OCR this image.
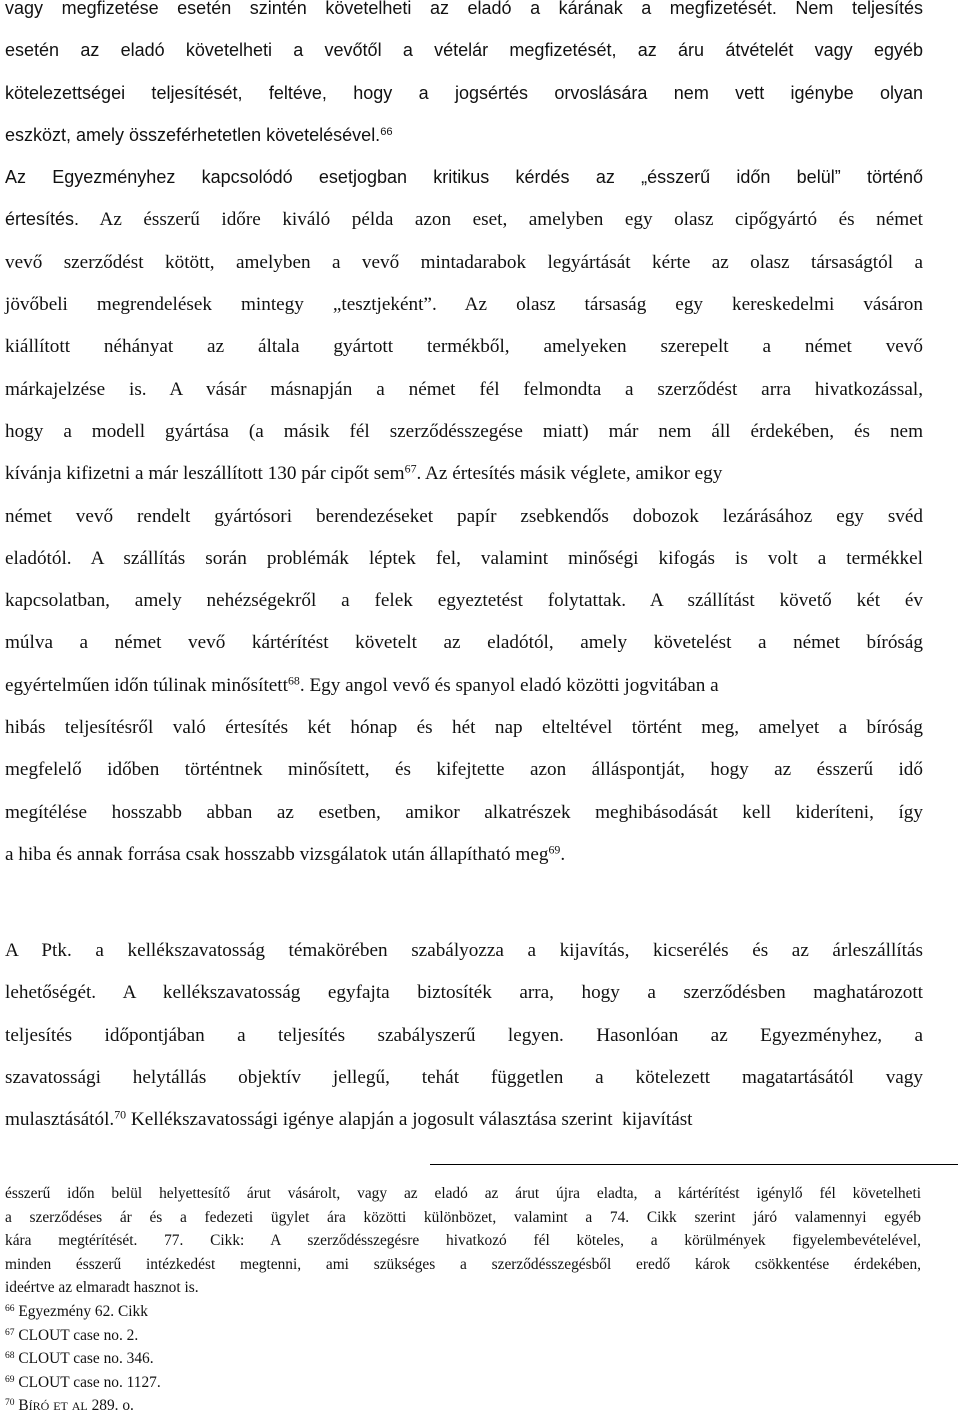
vagy megfizetése esetén szintén követelheti az eladó a kárának a megfizetését. Nem teljesítés
esetén az eladó követelheti a vevőtől a vételár megfizetését, az áru átvételét vagy egyéb
kötelezettségei teljesítését, feltéve, hogy a jogsértés orvoslására nem vett igénybe olyan
eszközt, amely összeférhetetlen követelésével.$^{66}$
Az Egyezményhez kapcsolódó esetjogban kritikus kérdés az „ésszerű időn belül” történő
értesítés. Az ésszerű időre kiváló példa azon eset, amelyben egy olasz cipőgyártó és német
vevő szerződést kötött, amelyben a vevő mintadarabok legyártását kérte az olasz társaságtól a
jövőbeli megrendelések mintegy „tesztjeként”. Az olasz társaság egy kereskedelmi vásáron
kiállított néhányat az általa gyártott termékből, amelyeken szerepelt a német vevő
márkajelzése is. A vásár másnapján a német fél felmondta a szerződést arra hivatkozással,
hogy a modell gyártása (a másik fél szerződésszegése miatt) már nem áll érdekében, és nem
kívánja kifizetni a már leszállított 130 pár cipőt sem$^{67}$. Az értesítés másik véglete, amikor egy
német vevő rendelt gyártósori berendezéseket papír zsebkendős dobozok lezárásához egy svéd
eladótól. A szállítás során problémák léptek fel, valamint minőségi kifogás is volt a termékkel
kapcsolatban, amely nehézségekről a felek egyeztetést folytattak. A szállítást követő két év
múlva a német vevő kártérítést követelt az eladótól, amely követelést a német bíróság
egyértelműen időn túlinak minősített$^{68}$. Egy angol vevő és spanyol eladó közötti jogvitában a
hibás teljesítésről való értesítés két hónap és hét nap elteltével történt meg, amelyet a bíróság
megfelelő időben történtnek minősített, és kifejtette azon álláspontját, hogy az ésszerű idő
megítélése hosszabb abban az esetben, amikor alkatrészek meghibásodását kell kideríteni, így
a hiba és annak forrása csak hosszabb vizsgálatok után állapítható meg$^{69}$.
A Ptk. a kellékszavatosság témakörében szabályozza a kijavítás, kicserélés és az árleszállítás
lehetőségét. A kellékszavatosság egyfajta biztosíték arra, hogy a szerződésben maghatározott
teljesítés időpontjában a teljesítés szabályszerű legyen. Hasonlóan az Egyezményhez, a
szavatossági helytállás objektív jellegű, tehát független a kötelezett magatartásától vagy
mulasztásától.$^{70}$ Kellékszavatossági igénye alapján a jogosult választása szerint  kijavítást
ésszerű időn belül helyettesítő árut vásárolt, vagy az eladó az árut újra eladta, a kártérítést igénylő fél követelheti
a szerződéses ár és a fedezeti ügylet ára közötti különbözet, valamint a 74. Cikk szerint járó valamennyi egyéb
kára megtérítését. 77. Cikk: A szerződésszegésre hivatkozó fél köteles, a körülmények figyelembevételével,
minden ésszerű intézkedést megtenni, ami szükséges a szerződésszegésből eredő károk csökkentése érdekében,
ideértve az elmaradt hasznot is.
$^{66}$ Egyezmény 62. Cikk
$^{67}$ CLOUT case no. 2.
$^{68}$ CLOUT case no. 346.
$^{69}$ CLOUT case no. 1127.
$^{70}$ BÍRÓ ET AL 289. o.
